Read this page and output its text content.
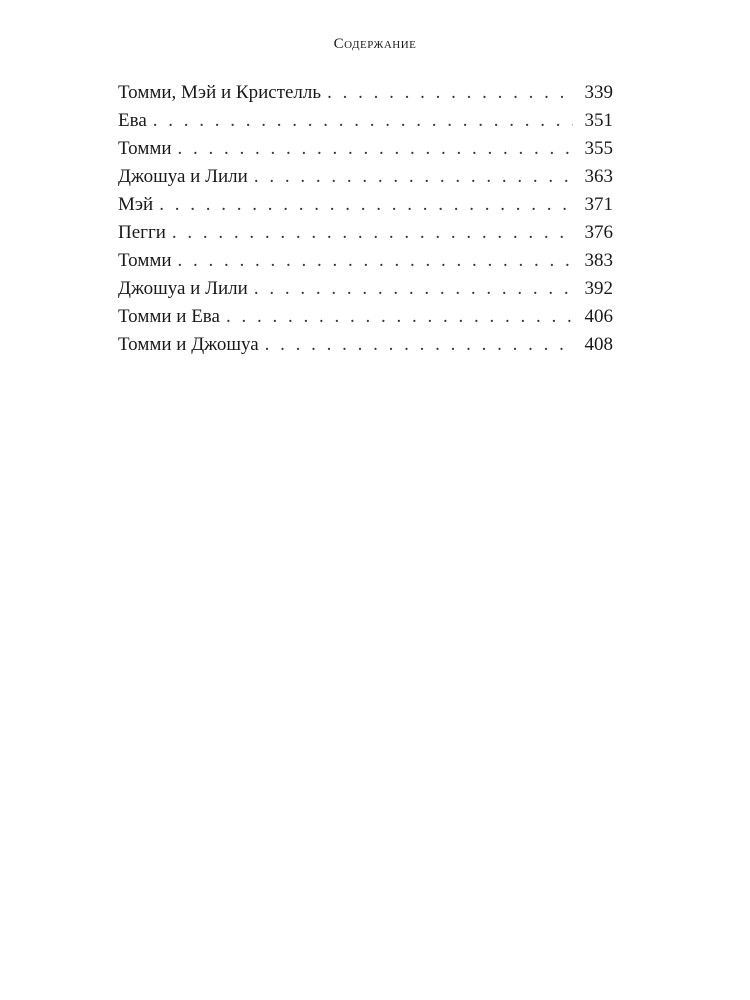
Содержание
Томми, Мэй и Кристелль . . .	339
Ева . . .	351
Томми . . .	355
Джошуа и Лили . . .	363
Мэй . . .	371
Пегги . . .	376
Томми . . .	383
Джошуа и Лили . . .	392
Томми и Ева . . .	406
Томми и Джошуа . . .	408
